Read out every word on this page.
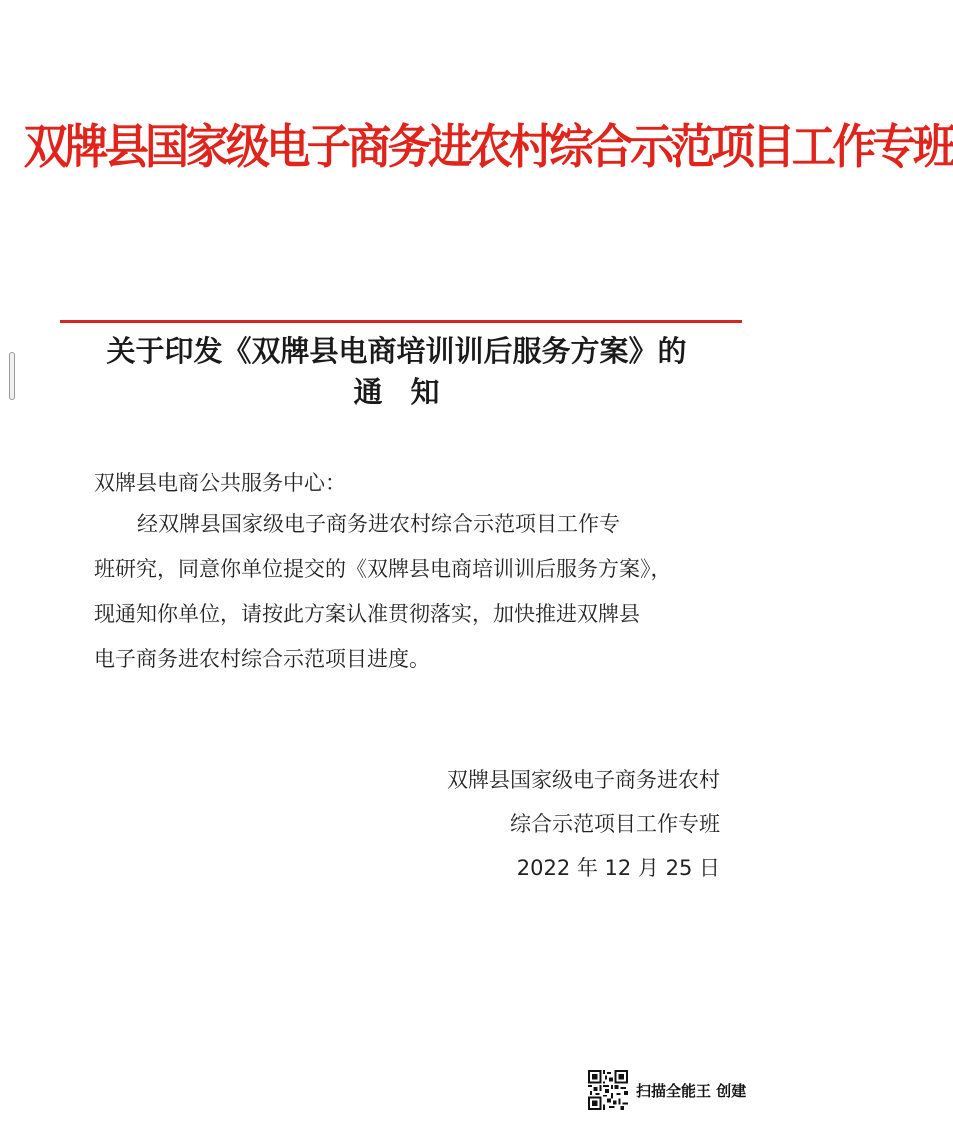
双牌县国家级电子商务进农村综合示范项目工作专班
关于印发《双牌县电商培训训后服务方案》的
通知
双牌县电商公共服务中心：
经双牌县国家级电子商务进农村综合示范项目工作专
班研究，同意你单位提交的《双牌县电商培训训后服务方案》，
现通知你单位，请按此方案认准贯彻落实，加快推进双牌县
电子商务进农村综合示范项目进度。
双牌县国家级电子商务进农村
综合示范项目工作专班
2022 年 12 月 25 日
扫描全能王 创建
